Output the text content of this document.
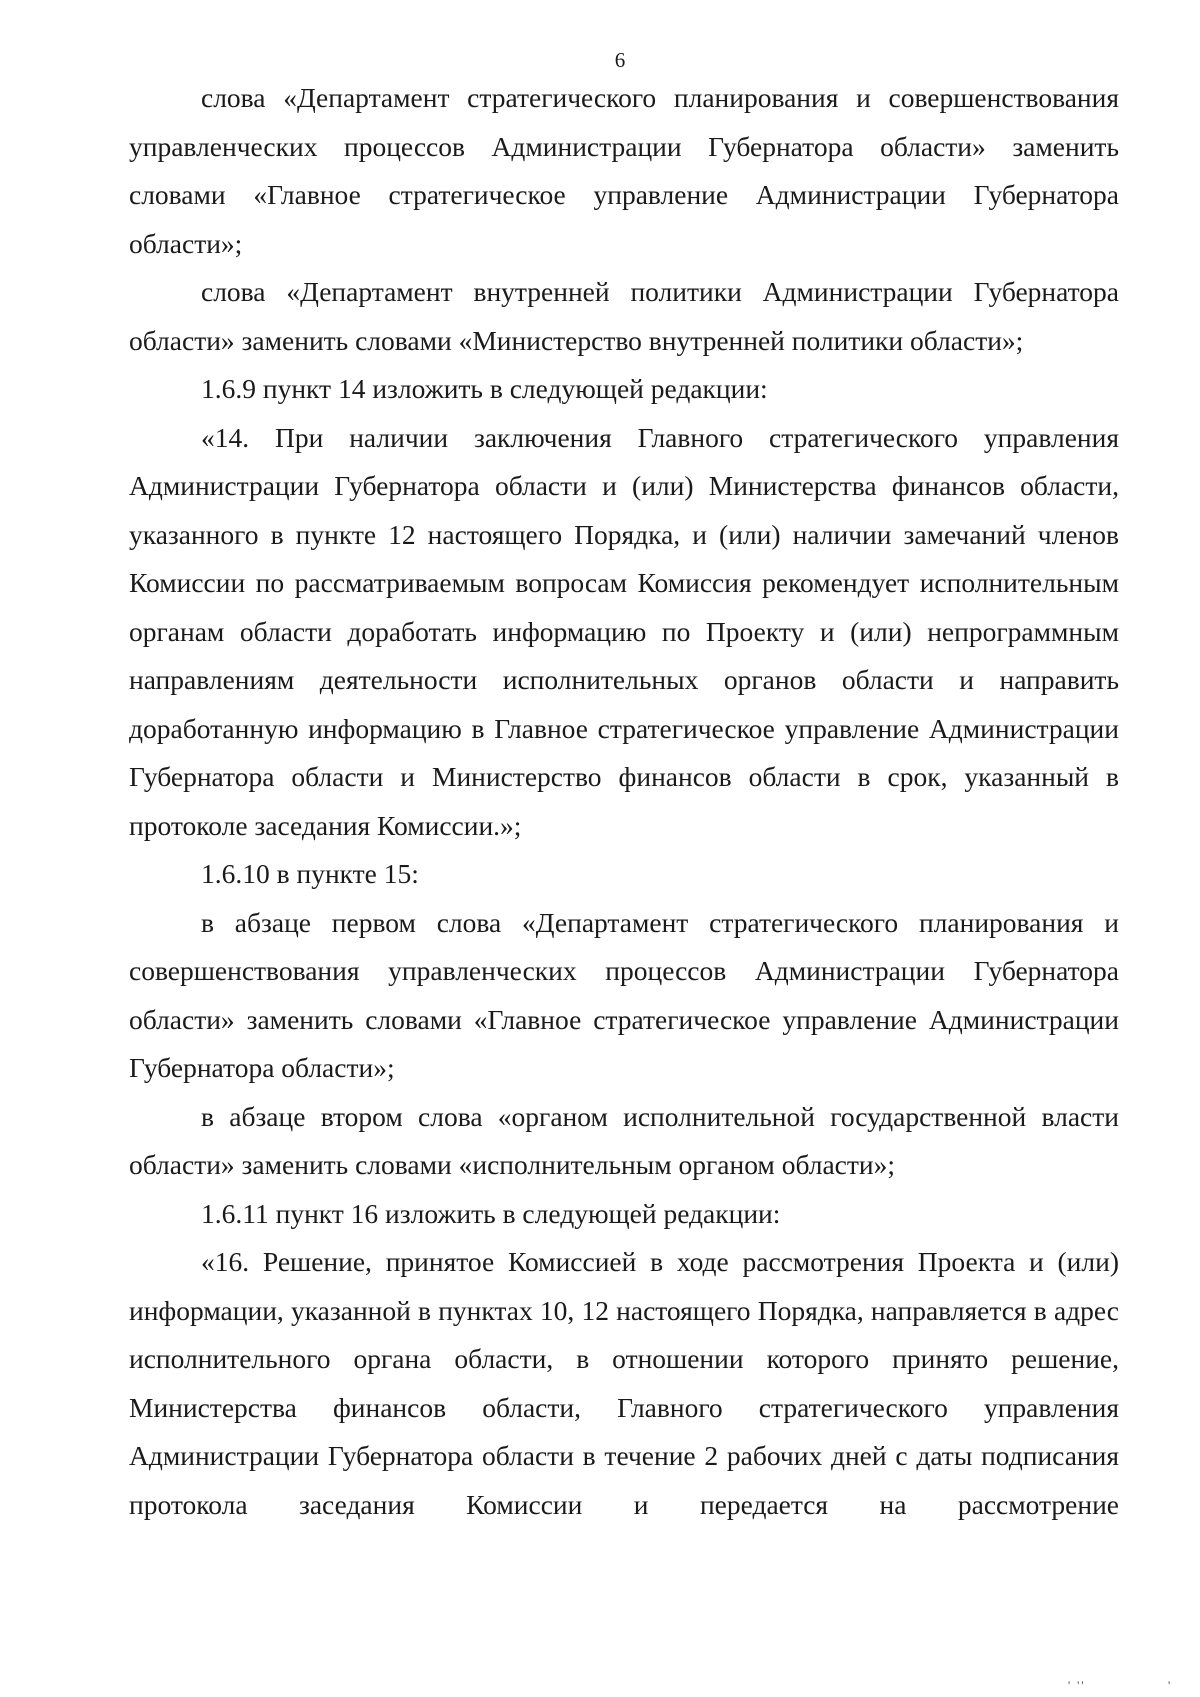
6

слова «Департамент стратегического планирования и совершенствования управленческих процессов Администрации Губернатора области» заменить словами «Главное стратегическое управление Администрации Губернатора области»;

слова «Департамент внутренней политики Администрации Губернатора области» заменить словами «Министерство внутренней политики области»;

1.6.9 пункт 14 изложить в следующей редакции:

«14. При наличии заключения Главного стратегического управления Администрации Губернатора области и (или) Министерства финансов области, указанного в пункте 12 настоящего Порядка, и (или) наличии замечаний членов Комиссии по рассматриваемым вопросам Комиссия рекомендует исполнительным органам области доработать информацию по Проекту и (или) непрограммным направлениям деятельности исполнительных органов области и направить доработанную информацию в Главное стратегическое управление Администрации Губернатора области и Министерство финансов области в срок, указанный в протоколе заседания Комиссии.»;

1.6.10 в пункте 15:

в абзаце первом слова «Департамент стратегического планирования и совершенствования управленческих процессов Администрации Губернатора области» заменить словами «Главное стратегическое управление Администрации Губернатора области»;

в абзаце втором слова «органом исполнительной государственной власти области» заменить словами «исполнительным органом области»;

1.6.11 пункт 16 изложить в следующей редакции:

«16. Решение, принятое Комиссией в ходе рассмотрения Проекта и (или) информации, указанной в пунктах 10, 12 настоящего Порядка, направляется в адрес исполнительного органа области, в отношении которого принято решение, Министерства финансов области, Главного стратегического управления Администрации Губернатора области в течение 2 рабочих дней с даты подписания протокола заседания Комиссии и передается на рассмотрение

' ''	'
